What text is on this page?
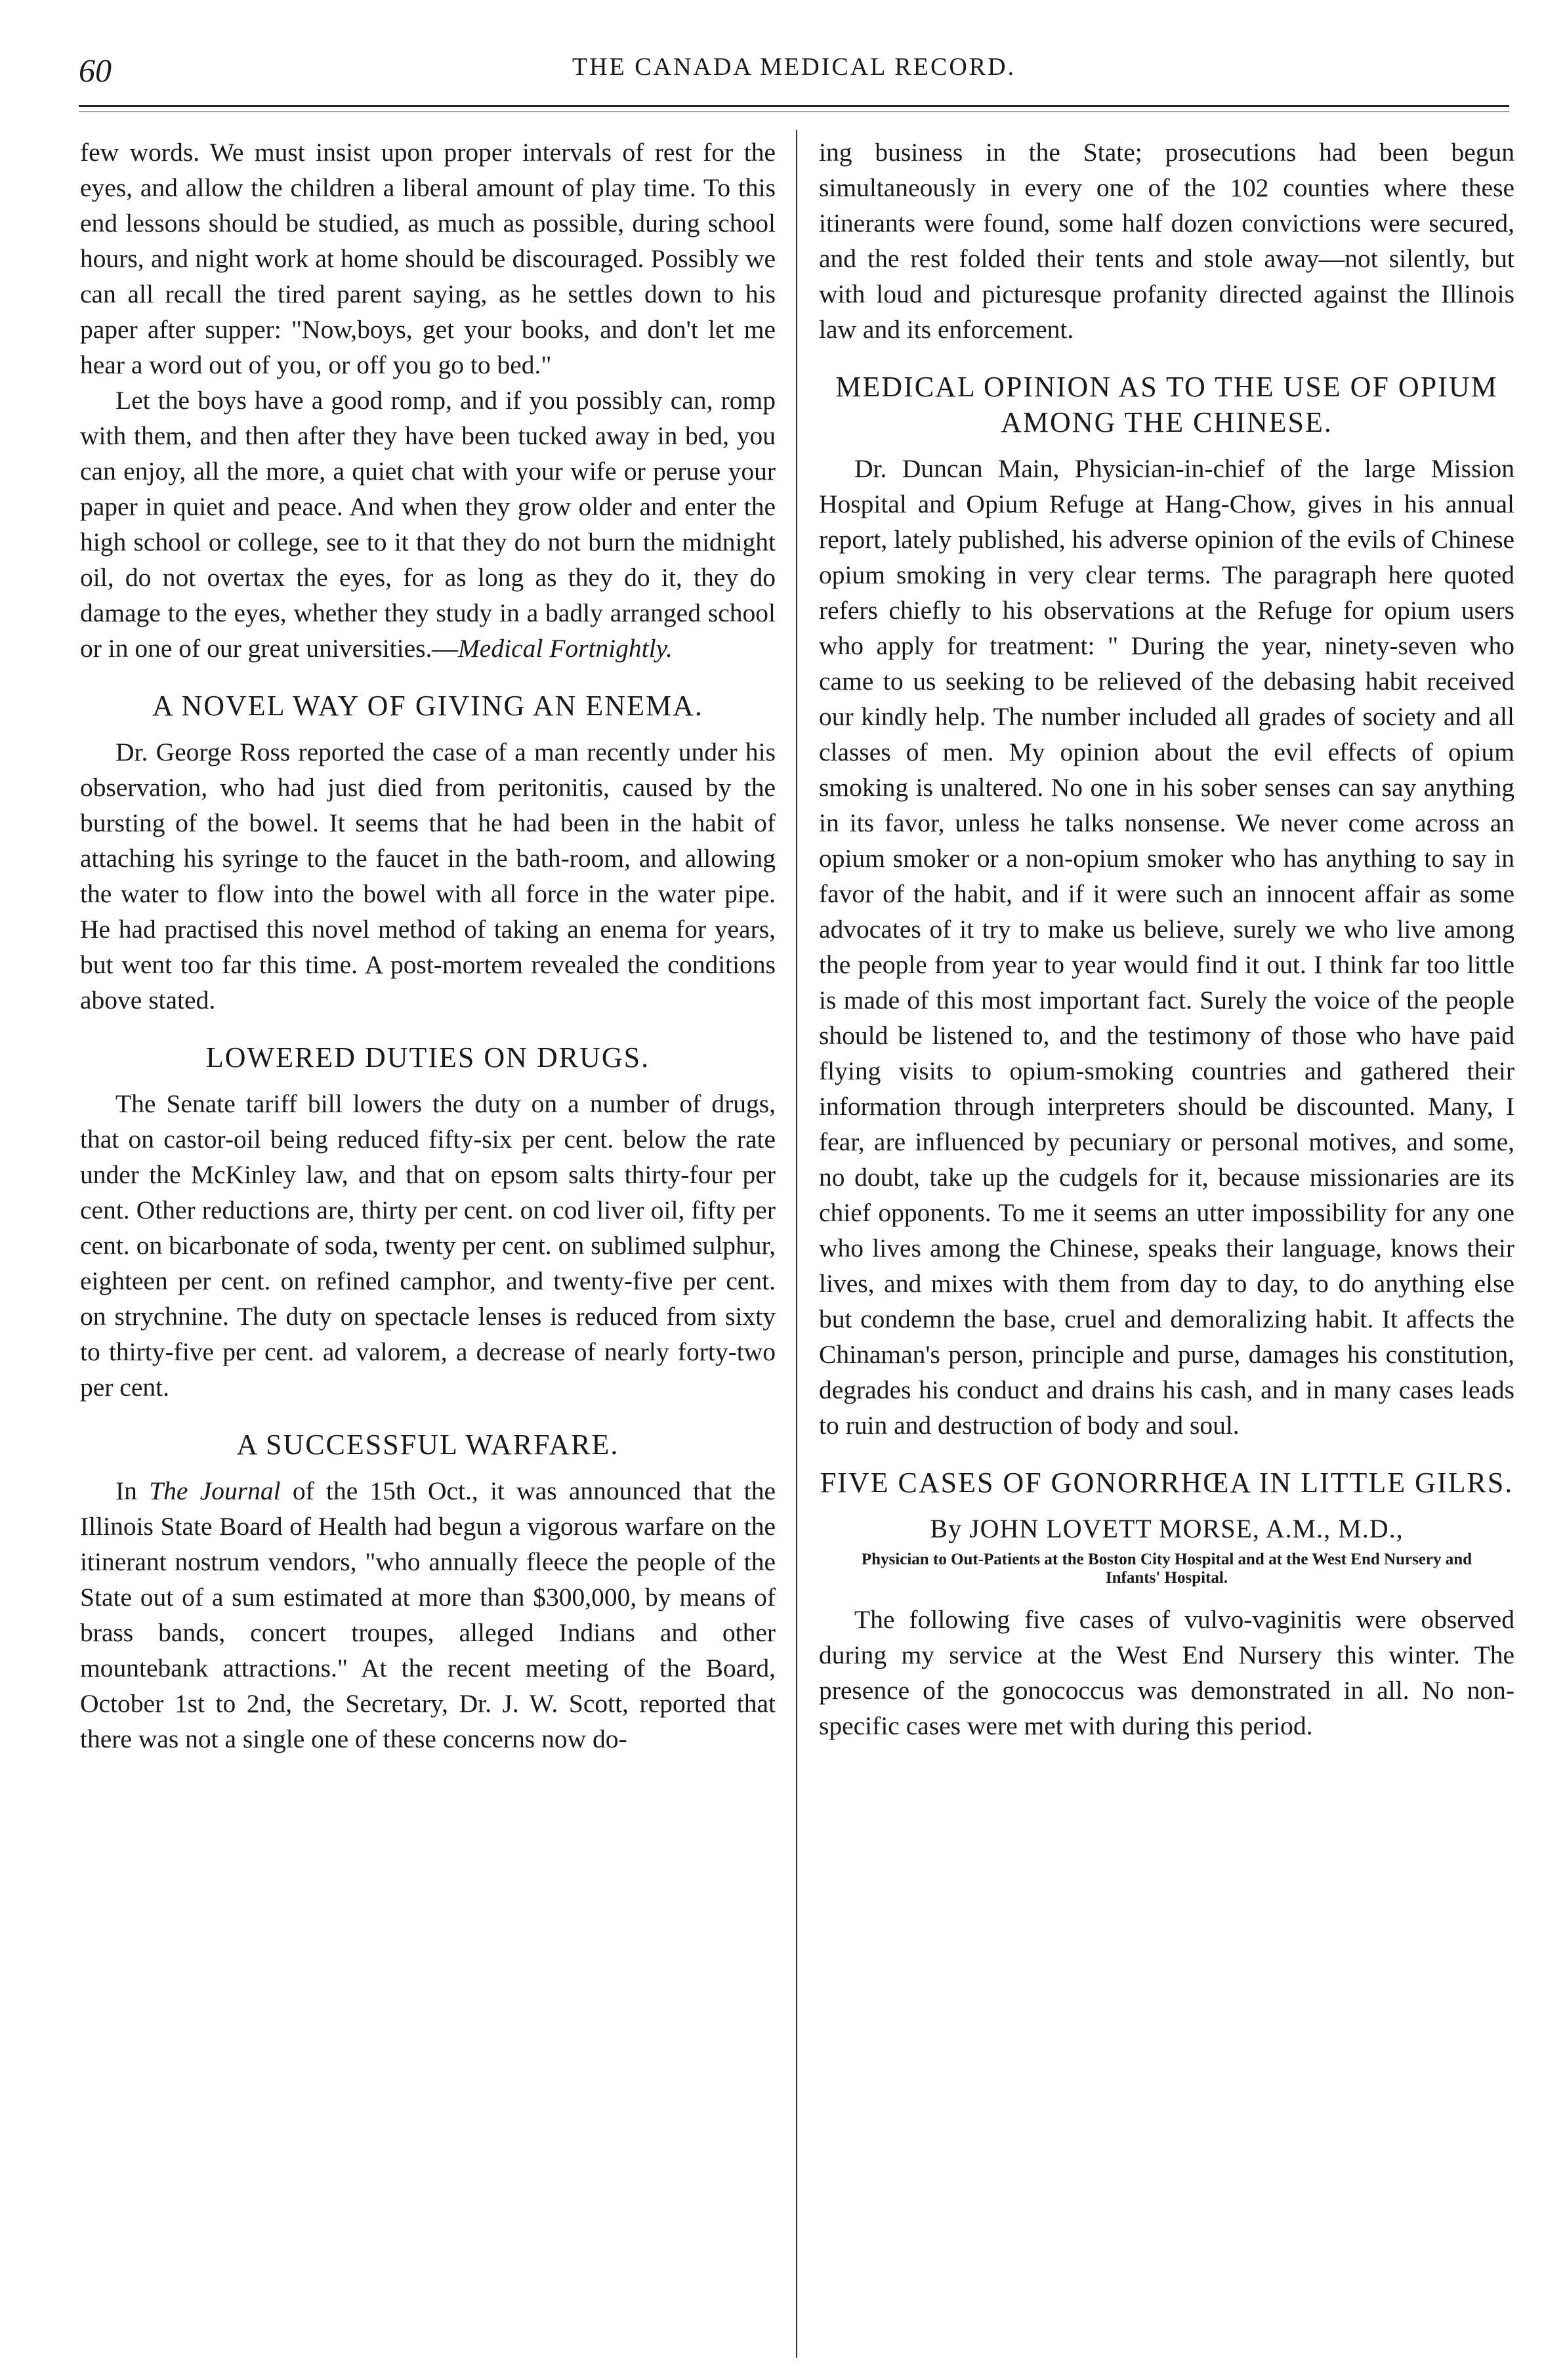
60	THE CANADA MEDICAL RECORD.

few words. We must insist upon proper intervals of rest for the eyes, and allow the children a liberal amount of play time. To this end lessons should be studied, as much as possible, during school hours, and night work at home should be discouraged. Possibly we can all recall the tired parent saying, as he settles down to his paper after supper: "Now,boys, get your books, and don't let me hear a word out of you, or off you go to bed."

Let the boys have a good romp, and if you possibly can, romp with them, and then after they have been tucked away in bed, you can enjoy, all the more, a quiet chat with your wife or peruse your paper in quiet and peace. And when they grow older and enter the high school or college, see to it that they do not burn the midnight oil, do not overtax the eyes, for as long as they do it, they do damage to the eyes, whether they study in a badly arranged school or in one of our great universities.—Medical Fortnightly.

A NOVEL WAY OF GIVING AN ENEMA.

Dr. George Ross reported the case of a man recently under his observation, who had just died from peritonitis, caused by the bursting of the bowel. It seems that he had been in the habit of attaching his syringe to the faucet in the bath-room, and allowing the water to flow into the bowel with all force in the water pipe. He had practised this novel method of taking an enema for years, but went too far this time. A post-mortem revealed the conditions above stated.

LOWERED DUTIES ON DRUGS.

The Senate tariff bill lowers the duty on a number of drugs, that on castor-oil being reduced fifty-six per cent. below the rate under the McKinley law, and that on epsom salts thirty-four per cent. Other reductions are, thirty per cent. on cod liver oil, fifty per cent. on bicarbonate of soda, twenty per cent. on sublimed sulphur, eighteen per cent. on refined camphor, and twenty-five per cent. on strychnine. The duty on spectacle lenses is reduced from sixty to thirty-five per cent. ad valorem, a decrease of nearly forty-two per cent.

A SUCCESSFUL WARFARE.

In The Journal of the 15th Oct., it was announced that the Illinois State Board of Health had begun a vigorous warfare on the itinerant nostrum vendors, "who annually fleece the people of the State out of a sum estimated at more than $300,000, by means of brass bands, concert troupes, alleged Indians and other mountebank attractions." At the recent meeting of the Board, October 1st to 2nd, the Secretary, Dr. J. W. Scott, reported that there was not a single one of these concerns now do-

ing business in the State; prosecutions had been begun simultaneously in every one of the 102 counties where these itinerants were found, some half dozen convictions were secured, and the rest folded their tents and stole away—not silently, but with loud and picturesque profanity directed against the Illinois law and its enforcement.

MEDICAL OPINION AS TO THE USE OF OPIUM AMONG THE CHINESE.

Dr. Duncan Main, Physician-in-chief of the large Mission Hospital and Opium Refuge at Hang-Chow, gives in his annual report, lately published, his adverse opinion of the evils of Chinese opium smoking in very clear terms. The paragraph here quoted refers chiefly to his observations at the Refuge for opium users who apply for treatment: " During the year, ninety-seven who came to us seeking to be relieved of the debasing habit received our kindly help. The number included all grades of society and all classes of men. My opinion about the evil effects of opium smoking is unaltered. No one in his sober senses can say anything in its favor, unless he talks nonsense. We never come across an opium smoker or a non-opium smoker who has anything to say in favor of the habit, and if it were such an innocent affair as some advocates of it try to make us believe, surely we who live among the people from year to year would find it out. I think far too little is made of this most important fact. Surely the voice of the people should be listened to, and the testimony of those who have paid flying visits to opium-smoking countries and gathered their information through interpreters should be discounted. Many, I fear, are influenced by pecuniary or personal motives, and some, no doubt, take up the cudgels for it, because missionaries are its chief opponents. To me it seems an utter impossibility for any one who lives among the Chinese, speaks their language, knows their lives, and mixes with them from day to day, to do anything else but condemn the base, cruel and demoralizing habit. It affects the Chinaman's person, principle and purse, damages his constitution, degrades his conduct and drains his cash, and in many cases leads to ruin and destruction of body and soul.

FIVE CASES OF GONORRHŒA IN LITTLE GILRS.
By JOHN LOVETT MORSE, A.M., M.D.,
Physician to Out-Patients at the Boston City Hospital and at the West End Nursery and Infants' Hospital.

The following five cases of vulvo-vaginitis were observed during my service at the West End Nursery this winter. The presence of the gonococcus was demonstrated in all. No non-specific cases were met with during this period.
